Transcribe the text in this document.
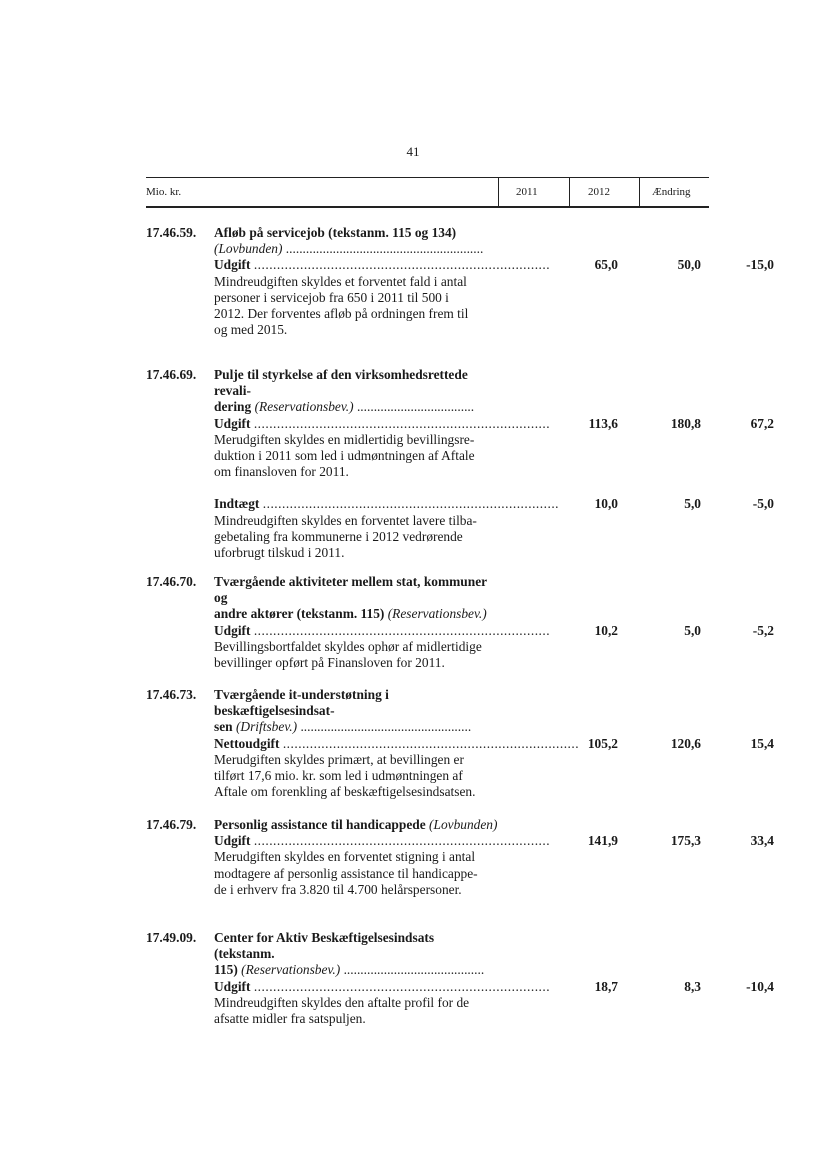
41
Mio. kr.	2011	2012	Ændring
17.46.59.	Afløb på servicejob (tekstanm. 115 og 134)
(Lovbunden) ...........................................................
Udgift .............................................................................	65,0	50,0	-15,0
Mindreudgiften skyldes et forventet fald i antal
personer i servicejob fra 650 i 2011 til 500 i
2012. Der forventes afløb på ordningen frem til
og med 2015.
17.46.69.	Pulje til styrkelse af den virksomhedsrettede revali-
dering (Reservationsbev.) ...................................
Udgift .............................................................................	113,6	180,8	67,2
Merudgiften skyldes en midlertidig bevillingsre-
duktion i 2011 som led i udmøntningen af Aftale
om finansloven for 2011.
Indtægt .............................................................................	10,0	5,0	-5,0
Mindreudgiften skyldes en forventet lavere tilba-
gebetaling fra kommunerne i 2012 vedrørende
uforbrugt tilskud i 2011.
17.46.70.	Tværgående aktiviteter mellem stat, kommuner og
andre aktører (tekstanm. 115) (Reservationsbev.)
Udgift .............................................................................	10,2	5,0	-5,2
Bevillingsbortfaldet skyldes ophør af midlertidige
bevillinger opført på Finansloven for 2011.
17.46.73.	Tværgående it-understøtning i beskæftigelsesindsat-
sen (Driftsbev.) ...................................................
Nettoudgift ............................................................................. 105,2	120,6	15,4
Merudgiften skyldes primært, at bevillingen er
tilført 17,6 mio. kr. som led i udmøntningen af
Aftale om forenkling af beskæftigelsesindsatsen.
17.46.79.	Personlig assistance til handicappede (Lovbunden)
Udgift .............................................................................	141,9	175,3	33,4
Merudgiften skyldes en forventet stigning i antal
modtagere af personlig assistance til handicappe-
de i erhverv fra 3.820 til 4.700 helårspersoner.
17.49.09.	Center for Aktiv Beskæftigelsesindsats (tekstanm.
115) (Reservationsbev.) ..........................................
Udgift .............................................................................	18,7	8,3	-10,4
Mindreudgiften skyldes den aftalte profil for de
afsatte midler fra satspuljen.
